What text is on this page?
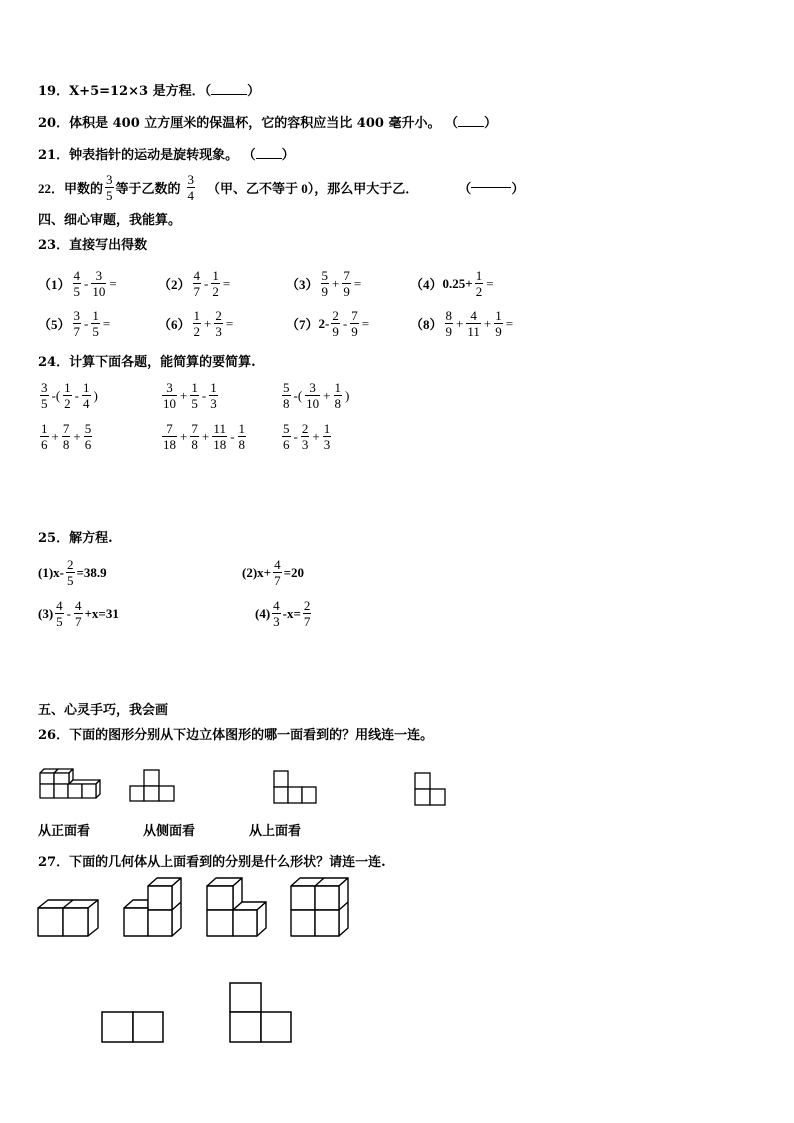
19．X+5=12×3 是方程．（	）
20．体积是 400 立方厘米的保温杯，它的容积应当比 400 毫升小。 （ ）
21．钟表指针的运动是旋转现象。 （ ）
22．甲数的 $\frac{3}{5}$ 等于乙数的 $\frac{3}{4}$ （甲、乙不等于 0），那么甲大于乙．	（	）
四、细心审题，我能算。
23．直接写出得数
24．计算下面各题，能简算的要简算.
25．解方程.
五、心灵手巧，我会画
26．下面的图形分别从下边立体图形的哪一面看到的？用线连一连。
从正面看	从侧面看	从上面看
27．下面的几何体从上面看到的分别是什么形状？请连一连.
$(1) \frac{4}{5} - \frac{3}{10}$ =	$(2) \frac{4}{7} - \frac{1}{2}$ =	$(3) \frac{5}{9} + \frac{7}{9}$ =	（4） $0.25+ \frac{1}{2}$ =
$(5) \frac{3}{7} - \frac{1}{5}$ =	$(6) \frac{1}{2} + \frac{2}{3}$ =	（7） $2- \frac{2}{9} - \frac{7}{9}$ =	$(8) \frac{8}{9} + \frac{4}{11} + \frac{1}{9}$ =
$\frac{3}{5}$ -( $\frac{1}{2} - \frac{1}{4}$ )	$\frac{3}{10} + \frac{1}{5} - \frac{1}{3}$	$\frac{5}{8}$ -( $\frac{3}{10} + \frac{1}{8}$ )
$\frac{1}{6} + \frac{7}{8} + \frac{5}{6}$	$\frac{7}{18} + \frac{7}{8} + \frac{11}{18} - \frac{1}{8}$	$\frac{5}{6} - \frac{2}{3} + \frac{1}{3}$
$(1)x- \frac{2}{5} =38.9$	$(2)x+ \frac{4}{7} =20$
$(3) \frac{4}{5} - \frac{4}{7} +x=31$	$(4) \frac{4}{3} -x= \frac{2}{7}$
